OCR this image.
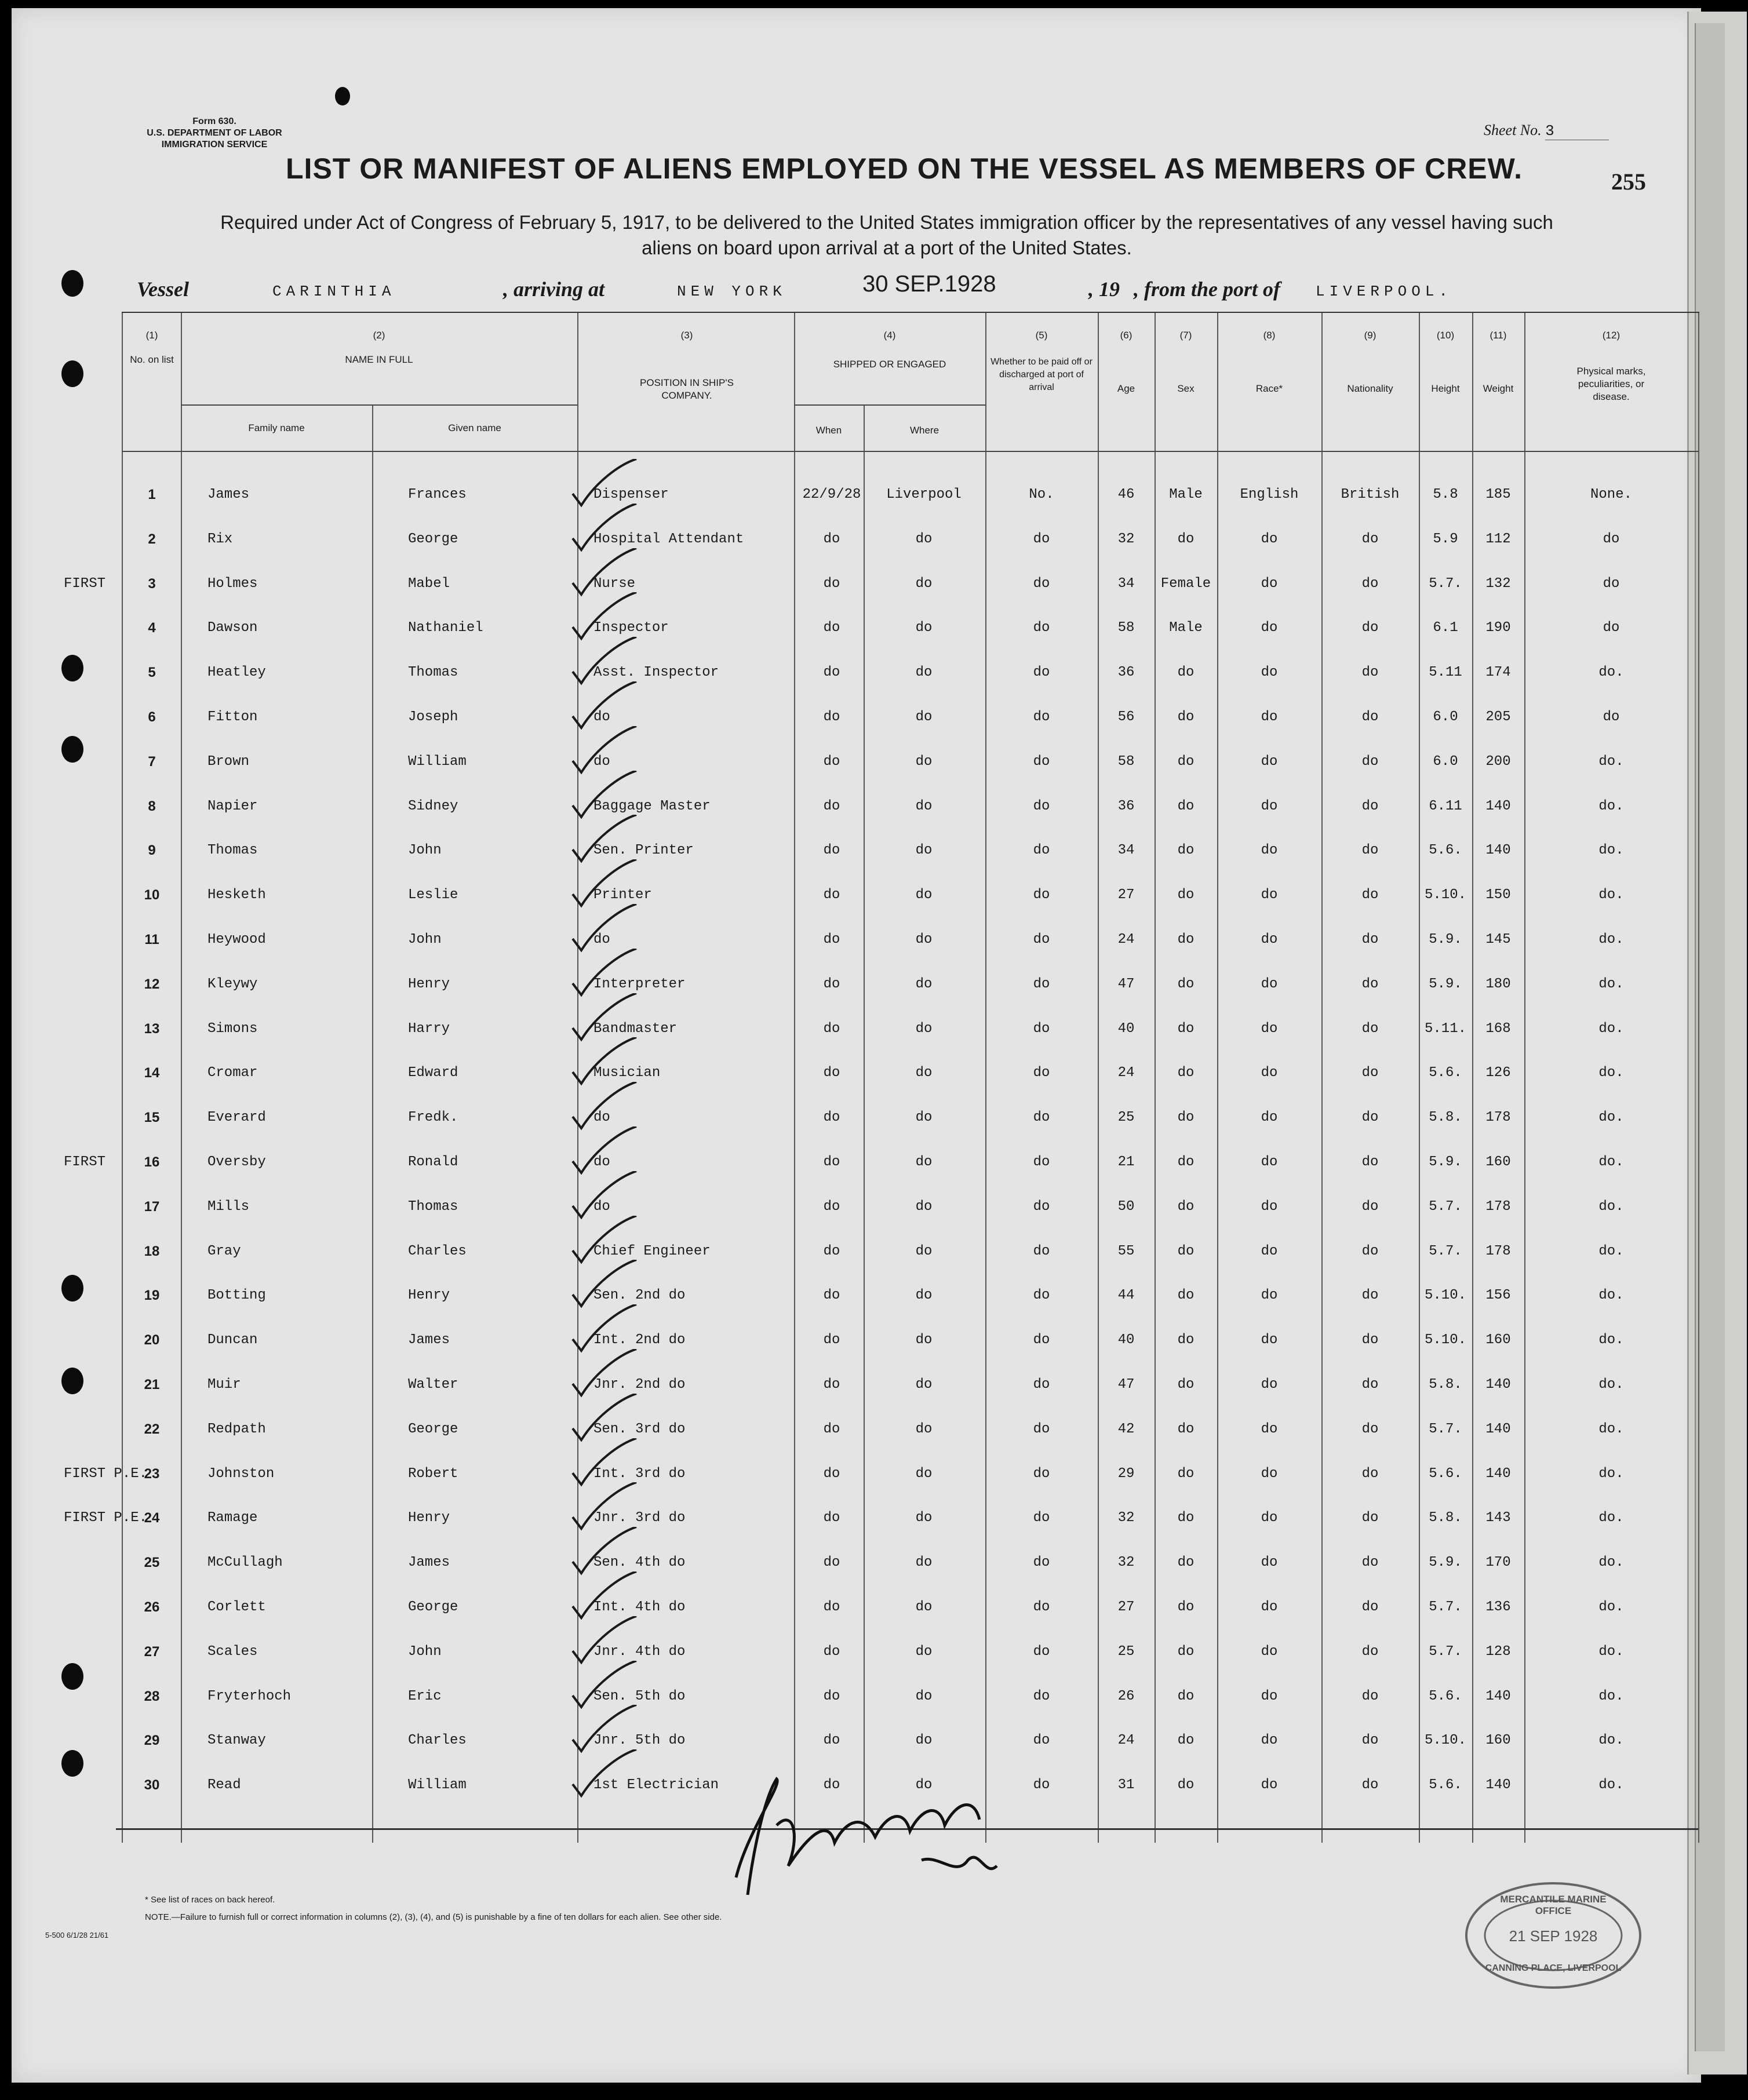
Form 630.
U.S. DEPARTMENT OF LABOR
IMMIGRATION SERVICE
Sheet No. 3
LIST OR MANIFEST OF ALIENS EMPLOYED ON THE VESSEL AS MEMBERS OF CREW.	255
Required under Act of Congress of February 5, 1917, to be delivered to the United States immigration officer by the representatives of any vessel having such
aliens on board upon arrival at a port of the United States.
Vessel	CARINTHIA	, arriving at	NEW YORK	30 SEP.1928	, 19 , from the port of LIVERPOOL.
(1)
No. on list
(2)
NAME IN FULL
Family name	Given name
(3)
POSITION IN SHIP'S COMPANY.
(4)
SHIPPED OR ENGAGED
When	Where
(5)
Whether to be paid off or discharged at port of arrival
(6)
Age
(7)
Sex
(8)
Race*
(9)
Nationality
(10)
Height
(11)
Weight
(12)
Physical marks, peculiarities, or disease.
1	James	Frances	Dispenser	22/9/28	Liverpool	No.	46	Male	English	British	5.8	185	None.
2	Rix	George	Hospital Attendant	do	do	do	32	do	do	do	5.9	112	do
3	Holmes	Mabel	Nurse	do	do	do	34	Female	do	do	5.7.	132	do
FIRST
4	Dawson	Nathaniel	Inspector	do	do	do	58	Male	do	do	6.1	190	do
5	Heatley	Thomas	Asst. Inspector	do	do	do	36	do	do	do	5.11	174	do.
6	Fitton	Joseph	do	do	do	do	56	do	do	do	6.0	205	do
7	Brown	William	do	do	do	do	58	do	do	do	6.0	200	do.
8	Napier	Sidney	Baggage Master	do	do	do	36	do	do	do	6.11	140	do.
9	Thomas	John	Sen. Printer	do	do	do	34	do	do	do	5.6.	140	do.
10	Hesketh	Leslie	Printer	do	do	do	27	do	do	do	5.10.	150	do.
11	Heywood	John	do	do	do	do	24	do	do	do	5.9.	145	do.
12	Kleywy	Henry	Interpreter	do	do	do	47	do	do	do	5.9.	180	do.
13	Simons	Harry	Bandmaster	do	do	do	40	do	do	do	5.11.	168	do.
14	Cromar	Edward	Musician	do	do	do	24	do	do	do	5.6.	126	do.
15	Everard	Fredk.	do	do	do	do	25	do	do	do	5.8.	178	do.
16	Oversby	Ronald	do	do	do	do	21	do	do	do	5.9.	160	do.
FIRST
17	Mills	Thomas	do	do	do	do	50	do	do	do	5.7.	178	do.
18	Gray	Charles	Chief Engineer	do	do	do	55	do	do	do	5.7.	178	do.
19	Botting	Henry	Sen. 2nd do	do	do	do	44	do	do	do	5.10.	156	do.
20	Duncan	James	Int. 2nd do	do	do	do	40	do	do	do	5.10.	160	do.
21	Muir	Walter	Jnr. 2nd do	do	do	do	47	do	do	do	5.8.	140	do.
22	Redpath	George	Sen. 3rd do	do	do	do	42	do	do	do	5.7.	140	do.
23	Johnston	Robert	Int. 3rd do	do	do	do	29	do	do	do	5.6.	140	do.
FIRST P.E.
24	Ramage	Henry	Jnr. 3rd do	do	do	do	32	do	do	do	5.8.	143	do.
FIRST P.E.
25	McCullagh	James	Sen. 4th do	do	do	do	32	do	do	do	5.9.	170	do.
26	Corlett	George	Int. 4th do	do	do	do	27	do	do	do	5.7.	136	do.
27	Scales	John	Jnr. 4th do	do	do	do	25	do	do	do	5.7.	128	do.
28	Fryterhoch	Eric	Sen. 5th do	do	do	do	26	do	do	do	5.6.	140	do.
29	Stanway	Charles	Jnr. 5th do	do	do	do	24	do	do	do	5.10.	160	do.
30	Read	William	1st Electrician	do	do	do	31	do	do	do	5.6.	140	do.
* See list of races on back hereof.
NOTE.—Failure to furnish full or correct information in columns (2), (3), (4), and (5) is punishable by a fine of ten dollars for each alien. See other side.
5-500 6/1/28 21/61
MERCANTILE MARINE OFFICE
21 SEP 1928
CANNING PLACE, LIVERPOOL
